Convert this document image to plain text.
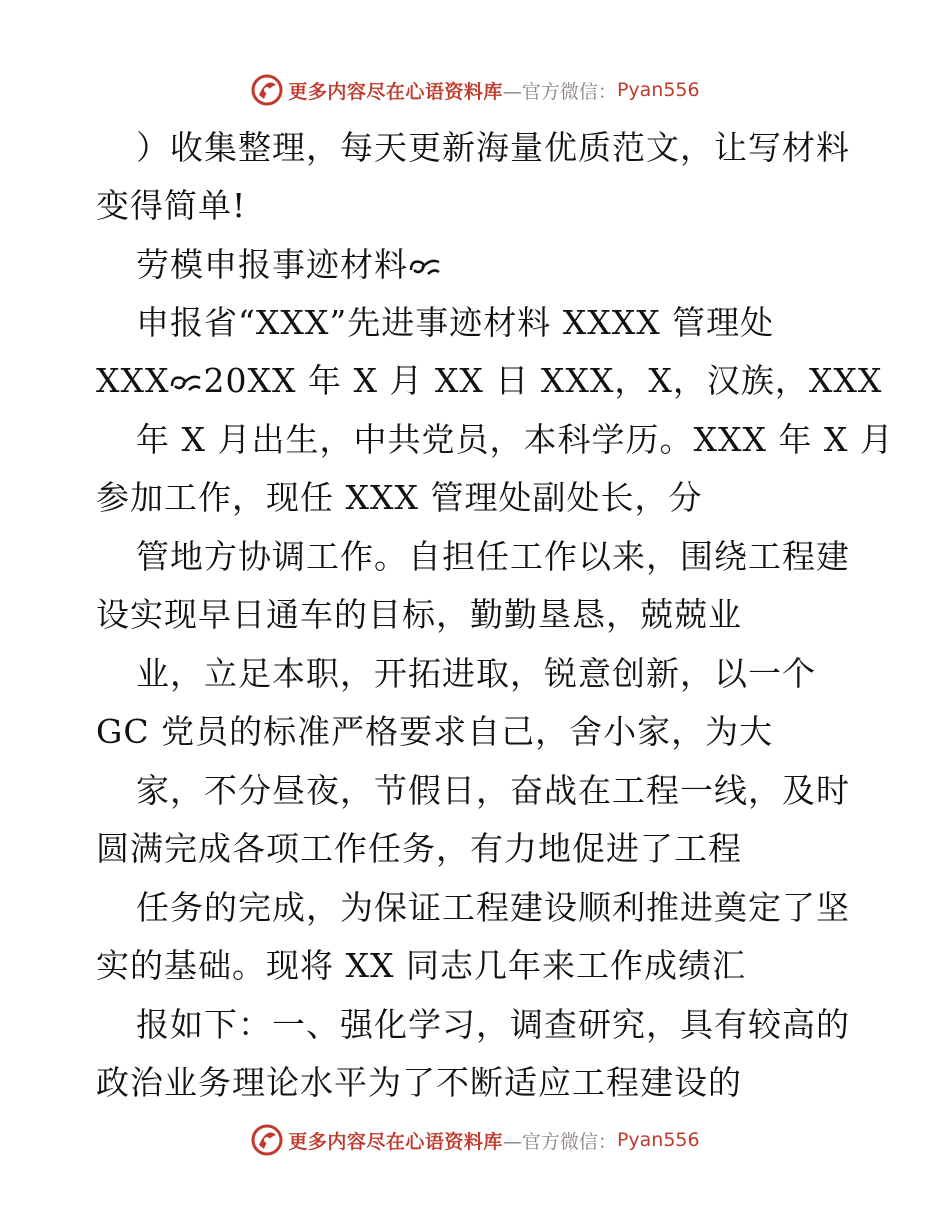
更多内容尽在心语资料库 —官方微信： Pyan556
）收集整理，每天更新海量优质范文，让写材料
变得简单!
劳模申报事迹材料
申报省“XXX”先进事迹材料 XXXX 管理处
XXX 20XX 年 X 月 XX 日 XXX，X，汉族，XXX
年 X 月出生，中共党员，本科学历。XXX 年 X 月
参加工作，现任 XXX 管理处副处长，分
管地方协调工作。自担任工作以来，围绕工程建
设实现早日通车的目标，勤勤垦恳，兢兢业
业，立足本职，开拓进取，锐意创新，以一个
GC 党员的标准严格要求自己，舍小家，为大
家，不分昼夜，节假日，奋战在工程一线，及时
圆满完成各项工作任务，有力地促进了工程
任务的完成，为保证工程建设顺利推进奠定了坚
实的基础。现将 XX 同志几年来工作成绩汇
报如下：一、强化学习，调查研究，具有较高的
政治业务理论水平为了不断适应工程建设的
更多内容尽在心语资料库 —官方微信： Pyan556
